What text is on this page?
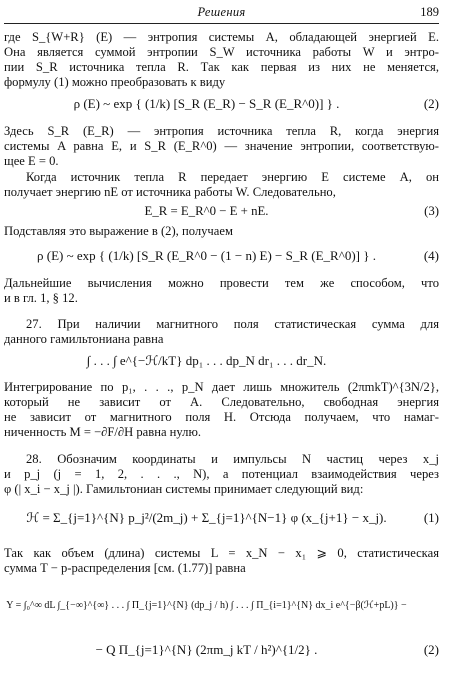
Решения	189
где S_{W+R} (E) — энтропия системы A, обладающей энергией E.
Она является суммой энтропии S_W источника работы W и энтро-
пии S_R источника тепла R. Так как первая из них не меняется,
формулу (1) можно преобразовать к виду
ρ (E) ~ exp { (1/k) [S_R (E_R) − S_R (E_R^0)] } .	(2)
Здесь S_R (E_R) — энтропия источника тепла R, когда энергия
системы A равна E, и S_R (E_R^0) — значение энтропии, соответствую-
щее E = 0.
Когда источник тепла R передает энергию E системе A, он
получает энергию nE от источника работы W. Следовательно,
E_R = E_R^0 − E + nE.	(3)
Подставляя это выражение в (2), получаем
ρ (E) ~ exp { (1/k) [S_R (E_R^0 − (1 − n) E) − S_R (E_R^0)] } .	(4)
Дальнейшие вычисления можно провести тем же способом, что
и в гл. 1, § 12.
27. При наличии магнитного поля статистическая сумма для
данного гамильтониана равна
∫ . . . ∫ e^{−ℋ/kT} dp₁ . . . dp_N dr₁ . . . dr_N.
Интегрирование по p₁, . . ., p_N дает лишь множитель (2πmkT)^{3N/2},
который не зависит от A. Следовательно, свободная энергия
не зависит от магнитного поля H. Отсюда получаем, что намаг-
ниченность M = −∂F/∂H равна нулю.
28. Обозначим координаты и импульсы N частиц через x_j
и p_j (j = 1, 2, . . ., N), а потенциал взаимодействия через
φ (| x_i − x_j |). Гамильтониан системы принимает следующий вид:
ℋ = Σ_{j=1}^{N} p_j²/(2m_j) + Σ_{j=1}^{N−1} φ (x_{j+1} − x_j).	(1)
Так как объем (длина) системы L = x_N − x₁ ⩾ 0, статистическая
сумма T − p-распределения [см. (1.77)] равна
Y = ∫₀^∞ dL ∫_{−∞}^{∞} . . . ∫ Π_{j=1}^{N} (dp_j / h) ∫ . . . ∫ Π_{i=1}^{N} dx_i e^{−β(ℋ+pL)} −
− Q Π_{j=1}^{N} (2πm_j kT / h²)^{1/2} .	(2)
